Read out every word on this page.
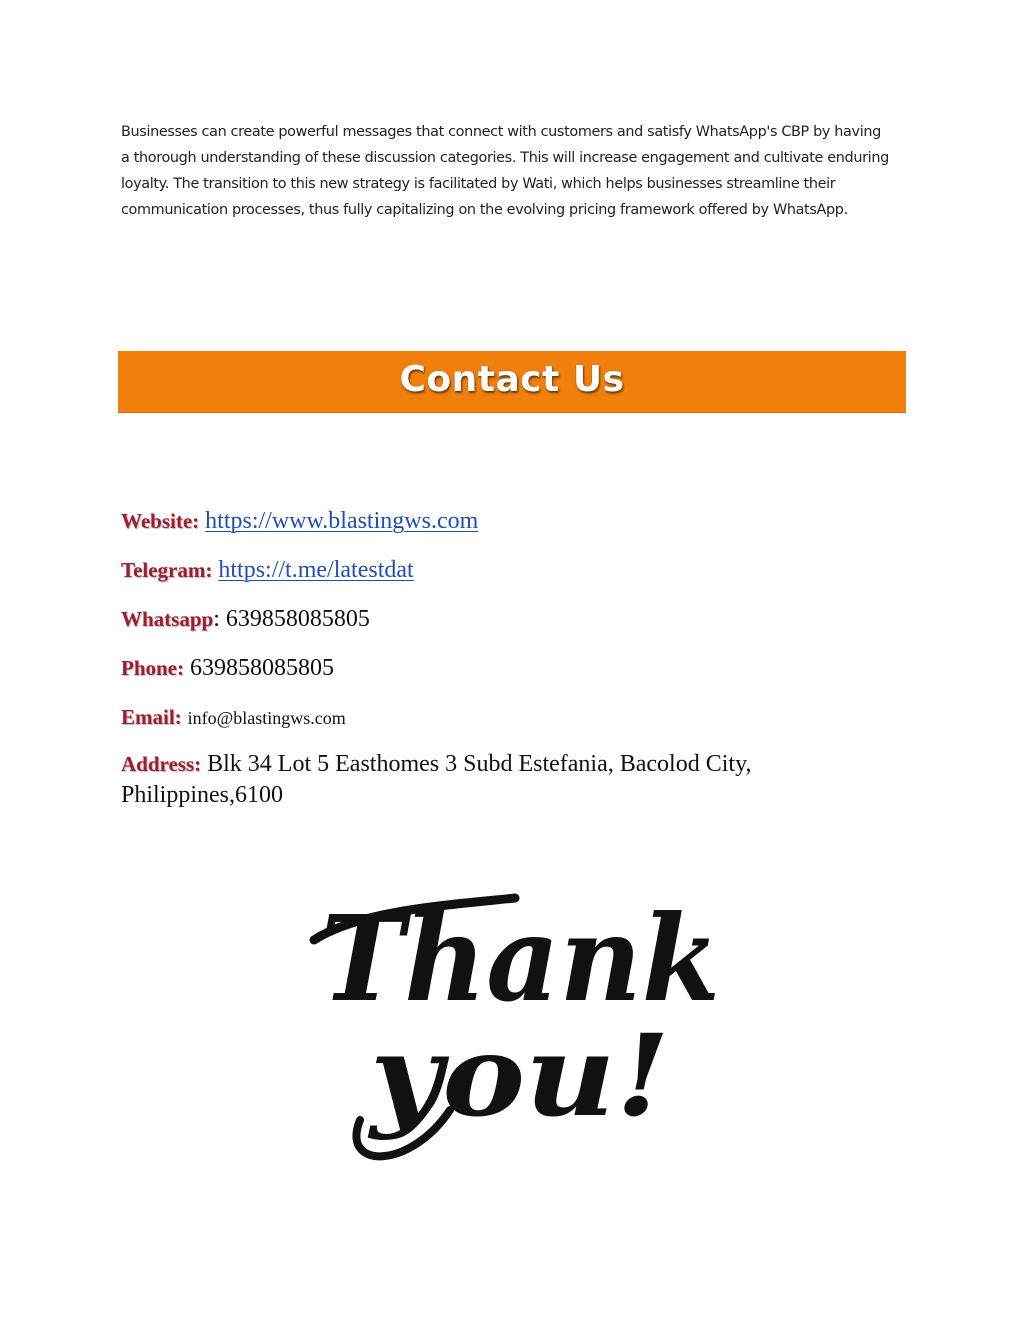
Businesses can create powerful messages that connect with customers and satisfy WhatsApp's CBP by having a thorough understanding of these discussion categories. This will increase engagement and cultivate enduring loyalty. The transition to this new strategy is facilitated by Wati, which helps businesses streamline their communication processes, thus fully capitalizing on the evolving pricing framework offered by WhatsApp.

Contact Us
Website: https://www.blastingws.com
Telegram: https://t.me/latestdat
Whatsapp: 639858085805
Phone: 639858085805
Email: info@blastingws.com
Address: Blk 34 Lot 5 Easthomes 3 Subd Estefania, Bacolod City, Philippines,6100
Thank
you!
